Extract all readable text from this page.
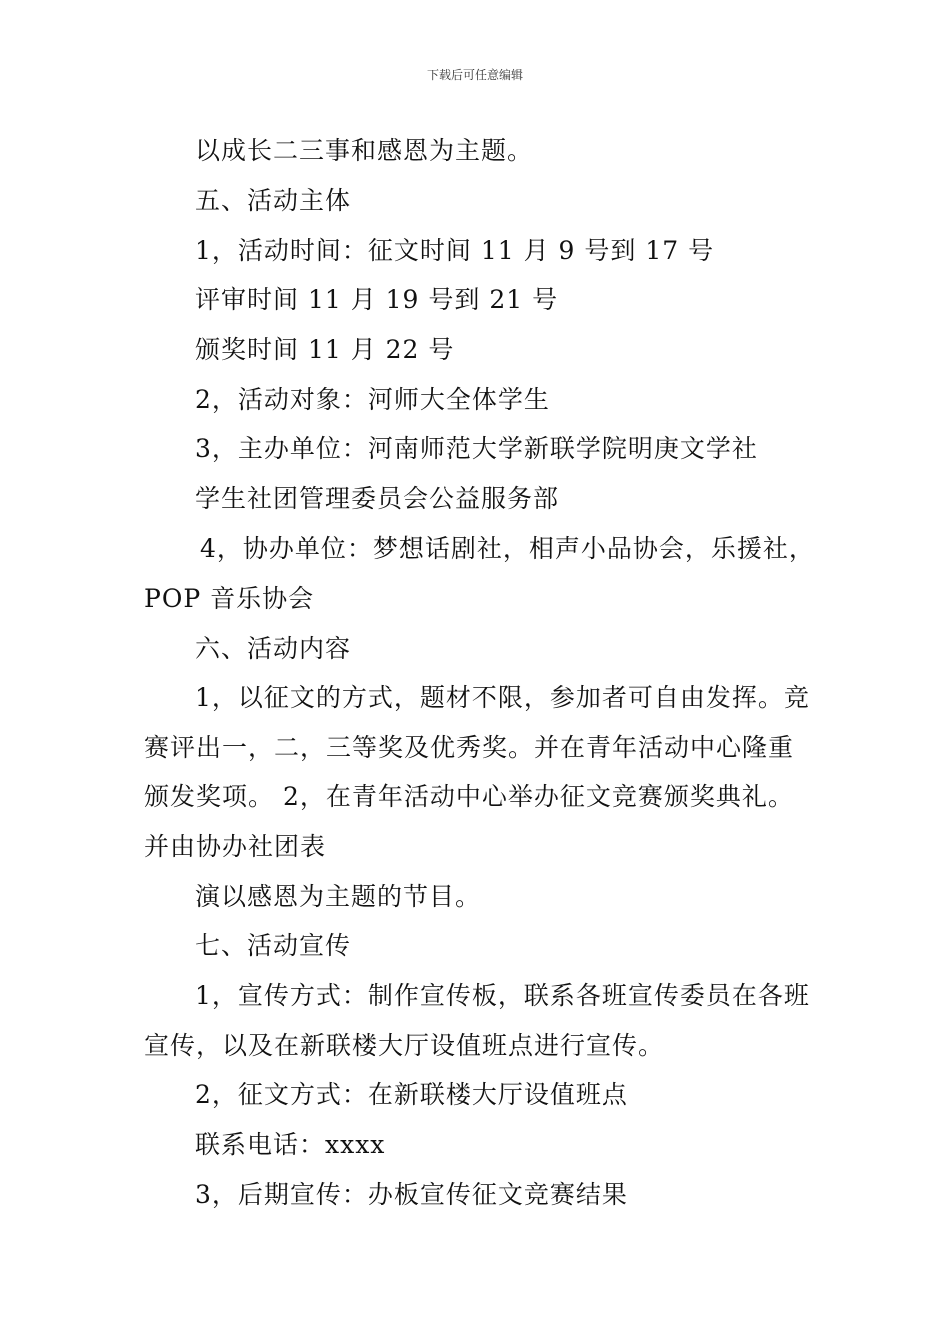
下载后可任意编辑
以成长二三事和感恩为主题。
五、活动主体
1，活动时间：征文时间 11 月 9 号到 17 号
评审时间 11 月 19 号到 21 号
颁奖时间 11 月 22 号
2，活动对象：河师大全体学生
3，主办单位：河南师范大学新联学院明庚文学社
学生社团管理委员会公益服务部
4，协办单位：梦想话剧社，相声小品协会，乐援社，
POP 音乐协会
六、活动内容
1，以征文的方式，题材不限，参加者可自由发挥。竞
赛评出一，二，三等奖及优秀奖。并在青年活动中心隆重
颁发奖项。 2，在青年活动中心举办征文竞赛颁奖典礼。
并由协办社团表
演以感恩为主题的节目。
七、活动宣传
1，宣传方式：制作宣传板，联系各班宣传委员在各班
宣传，以及在新联楼大厅设值班点进行宣传。
2，征文方式：在新联楼大厅设值班点
联系电话：xxxx
3，后期宣传：办板宣传征文竞赛结果
